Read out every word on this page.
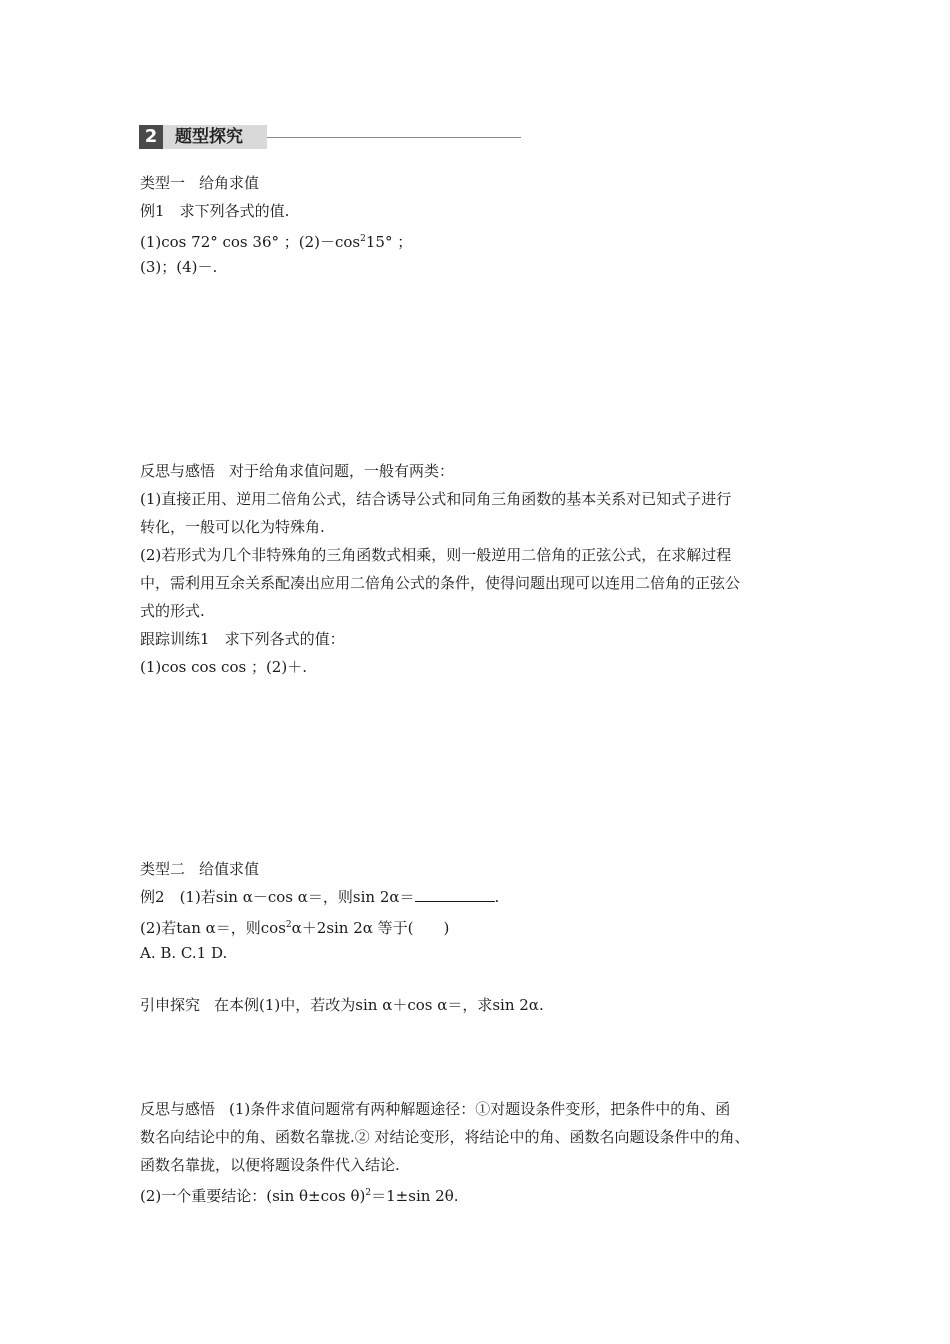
2	题型探究
类型一 给角求值
例1　 求下列各式的值.
(1)cos 72° cos 36° ；$(2)-\cos^215^\circ$ ；
(3)；(4)－.
反思与感悟 对于给角求值问题，一般有两类：
(1)直接正用、逆用二倍角公式，结合诱导公式和同角三角函数的基本关系对已知式子进行
转化，一般可以化为特殊角.
(2)若形式为几个非特殊角的三角函数式相乘，则一般逆用二倍角的正弦公式，在求解过程
中，需利用互余关系配凑出应用二倍角公式的条件，使得问题出现可以连用二倍角的正弦公
式的形式.
跟踪训练1　 求下列各式的值：
(1)cos cos cos ；(2)＋.
类型二 给值求值
例2　 (1)若sin α－cos α＝，则sin 2α＝	.
(2)若tan α＝，则$\cos^2\alpha+2\sin$ 2α 等于(　　)
A. B. C.1 D.
引申探究 在本例(1)中，若改为sin α＋cos α＝，求sin 2α.
反思与感悟 (1)条件求值问题常有两种解题途径：①对题设条件变形，把条件中的角、函
数名向结论中的角、函数名靠拢.② 对结论变形，将结论中的角、函数名向题设条件中的角、
函数名靠拢，以便将题设条件代入结论.
(2)一个重要结论：(sin θ±cos θ)$^2$＝1±sin 2θ.
